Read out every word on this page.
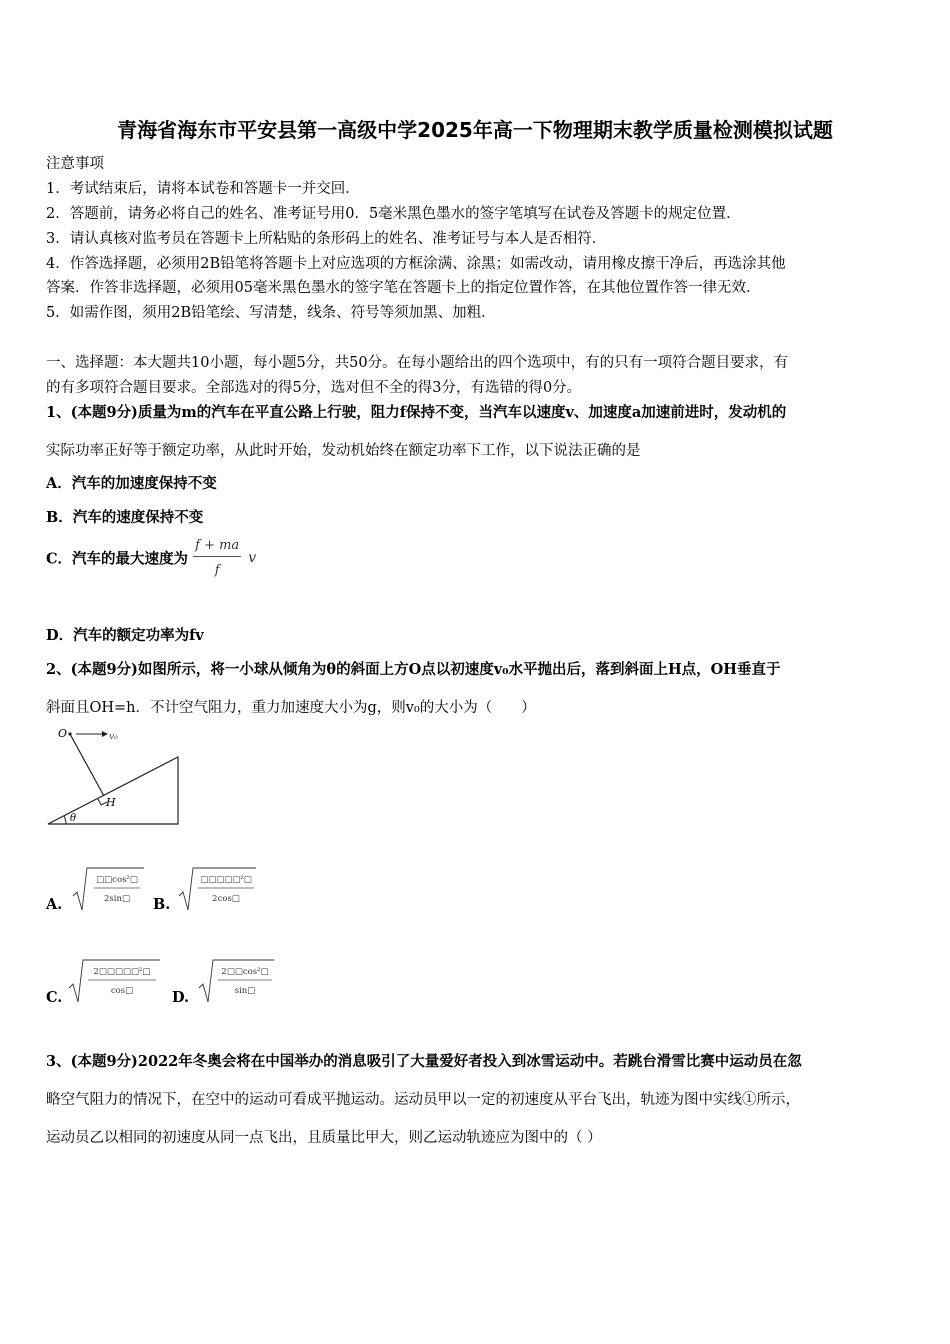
青海省海东市平安县第一高级中学2025年高一下物理期末教学质量检测模拟试题
注意事项
1．考试结束后，请将本试卷和答题卡一并交回．
2．答题前，请务必将自己的姓名、准考证号用0．5毫米黑色墨水的签字笔填写在试卷及答题卡的规定位置．
3．请认真核对监考员在答题卡上所粘贴的条形码上的姓名、准考证号与本人是否相符．
4．作答选择题，必须用2B铅笔将答题卡上对应选项的方框涂满、涂黑；如需改动，请用橡皮擦干净后，再选涂其他
答案．作答非选择题，必须用05毫米黑色墨水的签字笔在答题卡上的指定位置作答，在其他位置作答一律无效．
5．如需作图，须用2B铅笔绘、写清楚，线条、符号等须加黑、加粗．
一、选择题：本大题共10小题，每小题5分，共50分。在每小题给出的四个选项中，有的只有一项符合题目要求，有
的有多项符合题目要求。全部选对的得5分，选对但不全的得3分，有选错的得0分。
1、(本题9分)质量为m的汽车在平直公路上行驶，阻力f保持不变，当汽车以速度v、加速度a加速前进时，发动机的
实际功率正好等于额定功率，从此时开始，发动机始终在额定功率下工作，以下说法正确的是
A．汽车的加速度保持不变
B．汽车的速度保持不变
C．汽车的最大速度为 $\frac{f + ma}{f}$ v
D．汽车的额定功率为fv
2、(本题9分)如图所示，将一小球从倾角为θ的斜面上方O点以初速度v₀水平抛出后，落到斜面上H点，OH垂直于
斜面且OH=h．不计空气阻力，重力加速度大小为g，则v₀的大小为（　　）
O	v₀
H
θ
A.
□□cos²□
2sin□ B.
□□□□□²□
2cos□
C.
2□□□□□²□
cos□	D.
2□□cos²□
sin□
3、(本题9分)2022年冬奥会将在中国举办的消息吸引了大量爱好者投入到冰雪运动中。若跳台滑雪比赛中运动员在忽
略空气阻力的情况下，在空中的运动可看成平抛运动。运动员甲以一定的初速度从平台飞出，轨迹为图中实线①所示，
运动员乙以相同的初速度从同一点飞出，且质量比甲大，则乙运动轨迹应为图中的（ ）
